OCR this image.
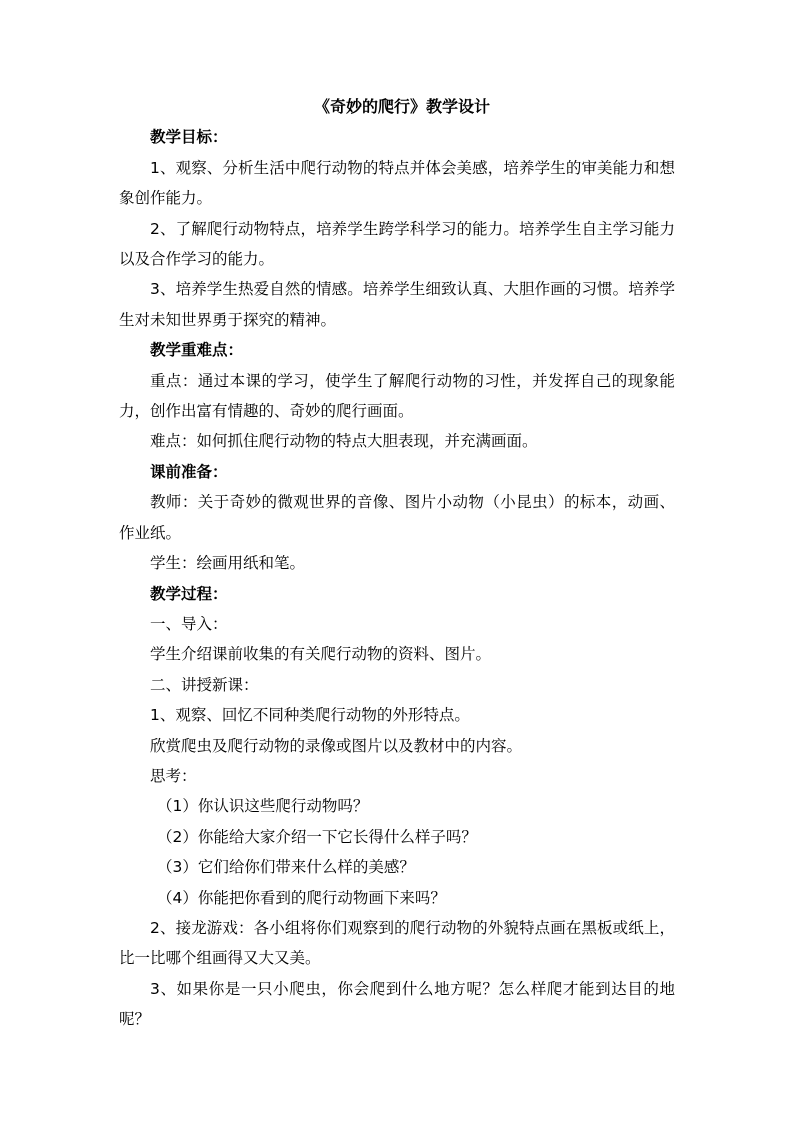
《奇妙的爬行》教学设计

教学目标：

1、观察、分析生活中爬行动物的特点并体会美感，培养学生的审美能力和想象创作能力。

2、了解爬行动物特点，培养学生跨学科学习的能力。培养学生自主学习能力以及合作学习的能力。

3、培养学生热爱自然的情感。培养学生细致认真、大胆作画的习惯。培养学生对未知世界勇于探究的精神。

教学重难点：

重点：通过本课的学习，使学生了解爬行动物的习性，并发挥自己的现象能力，创作出富有情趣的、奇妙的爬行画面。

难点：如何抓住爬行动物的特点大胆表现，并充满画面。

课前准备：

教师：关于奇妙的微观世界的音像、图片小动物（小昆虫）的标本，动画、作业纸。

学生：绘画用纸和笔。

教学过程：

一、导入：

学生介绍课前收集的有关爬行动物的资料、图片。

二、讲授新课：

1、观察、回忆不同种类爬行动物的外形特点。

欣赏爬虫及爬行动物的录像或图片以及教材中的内容。

思考：

（1）你认识这些爬行动物吗？

（2）你能给大家介绍一下它长得什么样子吗？

（3）它们给你们带来什么样的美感？

（4）你能把你看到的爬行动物画下来吗？

2、接龙游戏：各小组将你们观察到的爬行动物的外貌特点画在黑板或纸上，比一比哪个组画得又大又美。

3、如果你是一只小爬虫，你会爬到什么地方呢？怎么样爬才能到达目的地呢？
